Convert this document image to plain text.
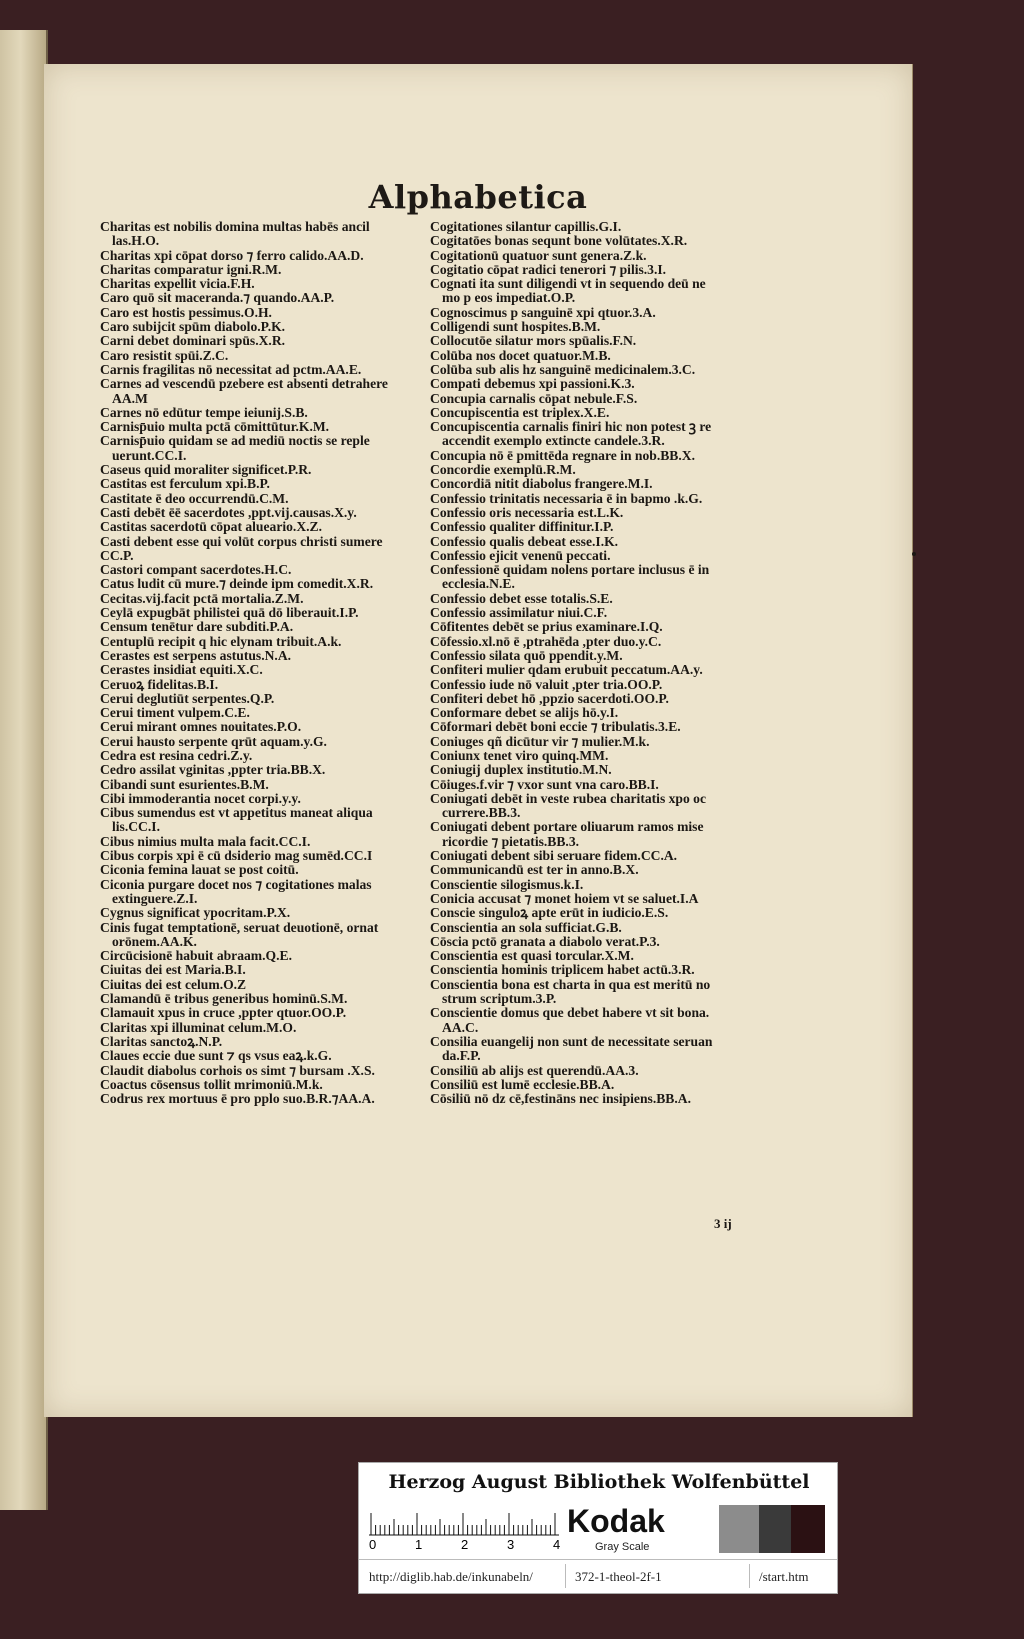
Alphabetica
Charitas est nobilis domina multas habēs ancil
las.H.O.
Charitas xpi cōpat dorso ⁊ ferro calido.AA.D.
Charitas comparatur igni.R.M.
Charitas expellit vicia.F.H.
Caro quō sit maceranda.⁊ quando.AA.P.
Caro est hostis pessimus.O.H.
Caro subijcit spūm diabolo.P.K.
Carni debet dominari spūs.X.R.
Caro resistit spūi.Z.C.
Carnis fragilitas nō necessitat ad pctm.AA.E.
Carnes ad vescendū pzebere est absenti detrahere
AA.M
Carnes nō edūtur tempe ieiunij.S.B.
Carnisp̄uio multa pctā cōmittūtur.K.M.
Carnisp̄uio quidam se ad mediū noctis se reple
uerunt.CC.I.
Caseus quid moraliter significet.P.R.
Castitas est ferculum xpi.B.P.
Castitate ē deo occurrendū.C.M.
Casti debēt ēē sacerdotes ,ppt.vij.causas.X.y.
Castitas sacerdotū cōpat alueario.X.Z.
Casti debent esse qui volūt corpus christi sumere
CC.P.
Castori compant sacerdotes.H.C.
Catus ludit cū mure.⁊ deinde ipm comedit.X.R.
Cecitas.vij.facit pctā mortalia.Z.M.
Ceylā expugbāt philistei quā dō liberauit.I.P.
Censum tenētur dare subditi.P.A.
Centuplū recipit q hic elynam tribuit.A.k.
Cerastes est serpens astutus.N.A.
Cerastes insidiat equiti.X.C.
Ceruoꝝ fidelitas.B.I.
Cerui deglutiūt serpentes.Q.P.
Cerui timent vulpem.C.E.
Cerui mirant omnes nouitates.P.O.
Cerui hausto serpente qrūt aquam.y.G.
Cedra est resina cedri.Z.y.
Cedro assilat vginitas ,ppter tria.BB.X.
Cibandi sunt esurientes.B.M.
Cibi immoderantia nocet corpi.y.y.
Cibus sumendus est vt appetitus maneat aliqua
lis.CC.I.
Cibus nimius multa mala facit.CC.I.
Cibus corpis xpi ē cū dsiderio mag sumēd.CC.I
Ciconia femina lauat se post coitū.
Ciconia purgare docet nos ⁊ cogitationes malas
extinguere.Z.I.
Cygnus significat ypocritam.P.X.
Cinis fugat temptationē, seruat deuotionē, ornat
orōnem.AA.K.
Circūcisionē habuit abraam.Q.E.
Ciuitas dei est Maria.B.I.
Ciuitas dei est celum.O.Z
Clamandū ē tribus generibus hominū.S.M.
Clamauit xpus in cruce ,ppter qtuor.OO.P.
Claritas xpi illuminat celum.M.O.
Claritas sanctoꝝ.N.P.
Claues eccie due sunt ⁊ qs vsus eaꝝ.k.G.
Claudit diabolus corhois os simt ⁊ bursam .X.S.
Coactus cōsensus tollit mrimoniū.M.k.
Codrus rex mortuus ē pro pplo suo.B.R.⁊AA.A.
Cogitationes silantur capillis.G.I.
Cogitatōes bonas sequnt bone volūtates.X.R.
Cogitationū quatuor sunt genera.Z.k.
Cogitatio cōpat radici tenerori ⁊ pilis.3.I.
Cognati ita sunt diligendi vt in sequendo deū ne
mo p eos impediat.O.P.
Cognoscimus p sanguinē xpi qtuor.3.A.
Colligendi sunt hospites.B.M.
Collocutōe silatur mors spūalis.F.N.
Colūba nos docet quatuor.M.B.
Colūba sub alis hz sanguinē medicinalem.3.C.
Compati debemus xpi passioni.K.3.
Concupia carnalis cōpat nebule.F.S.
Concupiscentia est triplex.X.E.
Concupiscentia carnalis finiri hic non potest ꝫ re
accendit exemplo extincte candele.3.R.
Concupia nō ē pmittēda regnare in nob.BB.X.
Concordie exemplū.R.M.
Concordiā nitit diabolus frangere.M.I.
Confessio trinitatis necessaria ē in bapmo .k.G.
Confessio oris necessaria est.L.K.
Confessio qualiter diffinitur.I.P.
Confessio qualis debeat esse.I.K.
Confessio ejicit venenū peccati.
Confessionē quidam nolens portare inclusus ē in
ecclesia.N.E.
Confessio debet esse totalis.S.E.
Confessio assimilatur niui.C.F.
Cōfitentes debēt se prius examinare.I.Q.
Cōfessio.xl.nō ē ,ptrahēda ,pter duo.y.C.
Confessio silata quō ppendit.y.M.
Confiteri mulier qdam erubuit peccatum.AA.y.
Confessio iude nō valuit ,pter tria.OO.P.
Confiteri debet hō ,ppzio sacerdoti.OO.P.
Conformare debet se alijs hō.y.I.
Cōformari debēt boni eccie ⁊ tribulatis.3.E.
Coniuges qñ dicūtur vir ⁊ mulier.M.k.
Coniunx tenet viro quinq.MM.
Coniugij duplex institutio.M.N.
Cōiuges.f.vir ⁊ vxor sunt vna caro.BB.I.
Coniugati debēt in veste rubea charitatis xpo oc
currere.BB.3.
Coniugati debent portare oliuarum ramos mise
ricordie ⁊ pietatis.BB.3.
Coniugati debent sibi seruare fidem.CC.A.
Communicandū est ter in anno.B.X.
Conscientie silogismus.k.I.
Conicia accusat ⁊ monet hoiem vt se saluet.I.A
Conscie singuloꝝ apte erūt in iudicio.E.S.
Conscientia an sola sufficiat.G.B.
Cōscia pctō granata a diabolo verat.P.3.
Conscientia est quasi torcular.X.M.
Conscientia hominis triplicem habet actū.3.R.
Conscientia bona est charta in qua est meritū no
strum scriptum.3.P.
Conscientie domus que debet habere vt sit bona.
AA.C.
Consilia euangelij non sunt de necessitate seruan
da.F.P.
Consiliū ab alijs est querendū.AA.3.
Consiliū est lumē ecclesie.BB.A.
Cōsiliū nō dz cē,festināns nec insipiens.BB.A.
3 ij
Herzog August Bibliothek Wolfenbüttel
0	1	2	3	4
Kodak
Gray Scale
http://diglib.hab.de/inkunabeln/	372-1-theol-2f-1	/start.htm
